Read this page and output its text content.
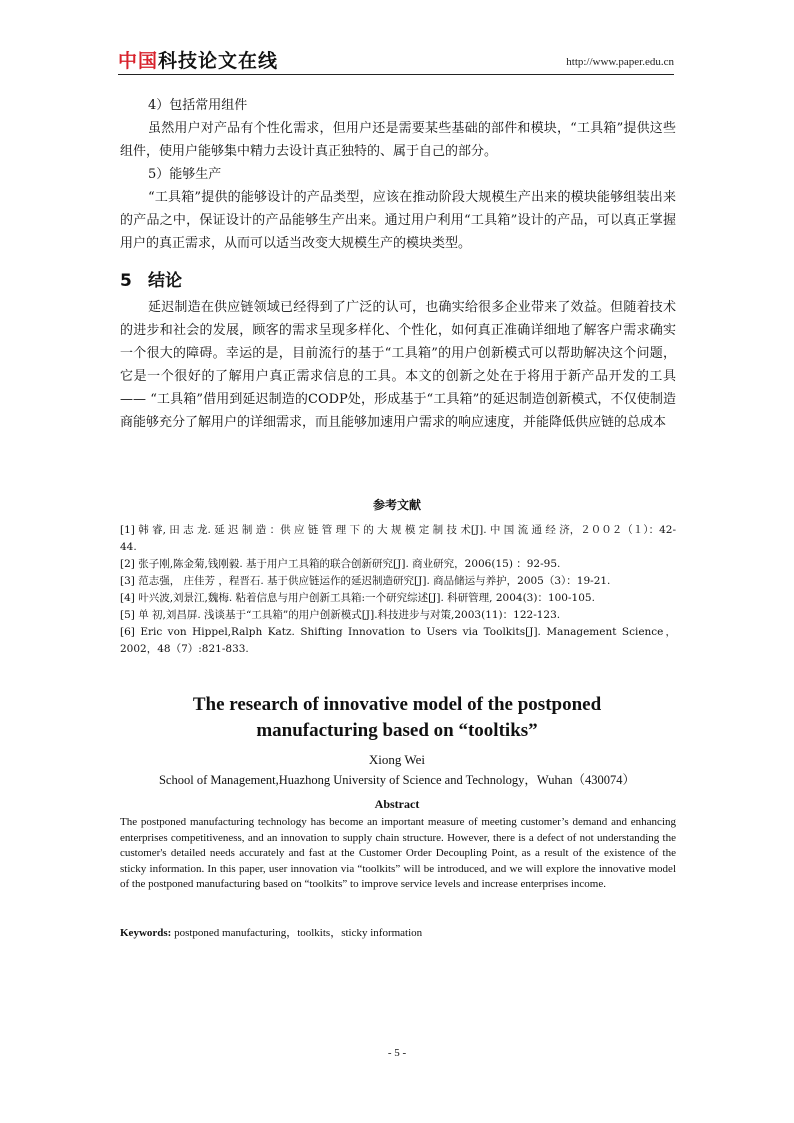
中国科技论文在线	http://www.paper.edu.cn

4）包括常用组件

虽然用户对产品有个性化需求，但用户还是需要某些基础的部件和模块，“工具箱”提供这些组件，使用户能够集中精力去设计真正独特的、属于自己的部分。

5）能够生产

“工具箱”提供的能够设计的产品类型，应该在推动阶段大规模生产出来的模块能够组装出来的产品之中，保证设计的产品能够生产出来。通过用户利用“工具箱”设计的产品，可以真正掌握用户的真正需求，从而可以适当改变大规模生产的模块类型。

5 结论

延迟制造在供应链领域已经得到了广泛的认可，也确实给很多企业带来了效益。但随着技术的进步和社会的发展，顾客的需求呈现多样化、个性化，如何真正准确详细地了解客户需求确实一个很大的障碍。幸运的是，目前流行的基于“工具箱”的用户创新模式可以帮助解决这个问题，它是一个很好的了解用户真正需求信息的工具。本文的创新之处在于将用于新产品开发的工具—— “工具箱”借用到延迟制造的CODP处，形成基于“工具箱”的延迟制造创新模式，不仅使制造商能够充分了解用户的详细需求，而且能够加速用户需求的响应速度，并能降低供应链的总成本

参考文献

[1] 韩 睿, 田 志 龙. 延 迟 制 造 ：供 应 链 管 理 下 的 大 规 模 定 制 技 术[J]. 中 国 流 通 经 济，２００２（１）：42-44.

[2] 张子刚,陈金菊,钱刚毅. 基于用户工具箱的联合创新研究[J]. 商业研究，2006(15) ：92-95.

[3] 范志强， 庄佳芳 ，程晋石. 基于供应链运作的延迟制造研究[J]. 商品储运与养护，2005（3）：19-21.

[4] 叶兴波,刘景江,魏梅. 粘着信息与用户创新工具箱:一个研究综述[J]. 科研管理, 2004(3)：100-105.

[5] 单 初,刘昌屏. 浅谈基于“工具箱”的用户创新模式[J].科技进步与对策,2003(11)：122-123.

[6] Eric von Hippel,Ralph Katz. Shifting Innovation to Users via Toolkits[J]. Management Science，2002，48（7）:821-833.

The research of innovative model of the postponed
manufacturing based on “tooltiks”
Xiong Wei
School of Management,Huazhong University of Science and Technology，Wuhan（430074）
Abstract

The postponed manufacturing technology has become an important measure of meeting customer’s demand and enhancing enterprises competitiveness, and an innovation to supply chain structure. However, there is a defect of not understanding the customer's detailed needs accurately and fast at the Customer Order Decoupling Point, as a result of the existence of the sticky information. In this paper, user innovation via “toolkits” will be introduced, and we will explore the innovative model of the postponed manufacturing based on “toolkits” to improve service levels and increase enterprises income.

Keywords: postponed manufacturing，toolkits，sticky information

- 5 -
